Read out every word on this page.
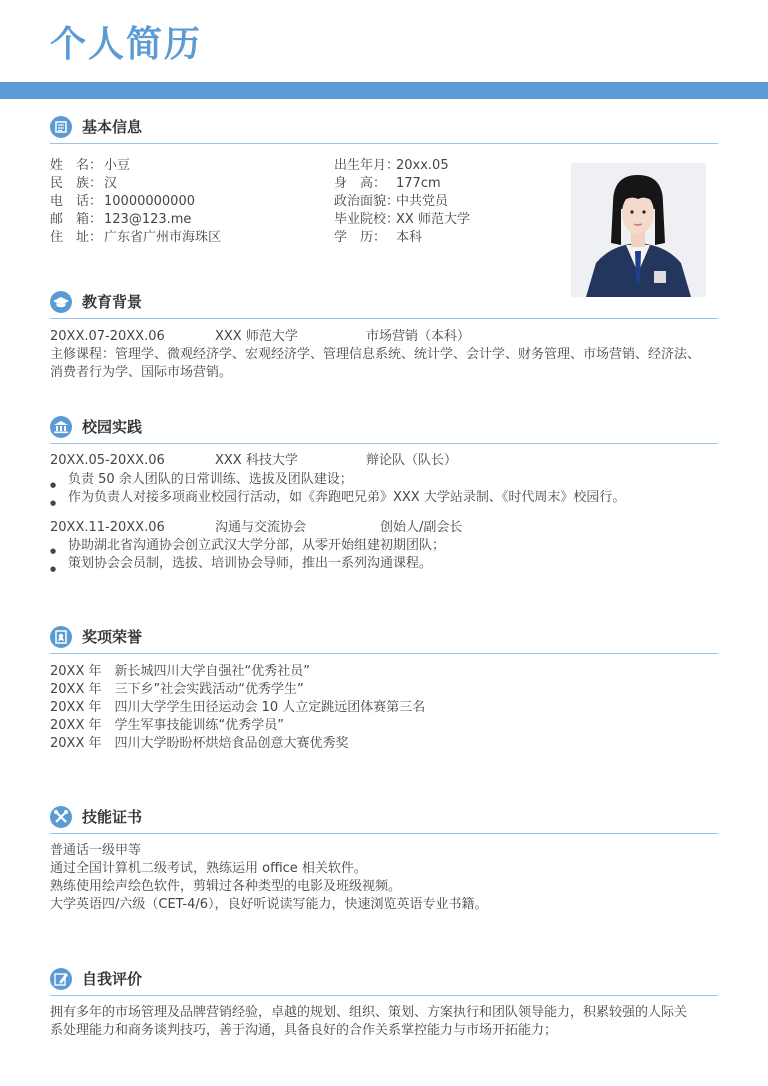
个人简历
基本信息
姓　名： 小豆
民　族： 汉
电　话： 10000000000
邮　箱： 123@123.me
住　址： 广东省广州市海珠区
出生年月：20xx.05
身　高： 177cm
政治面貌：中共党员
毕业院校：XX 师范大学
学　历： 本科
教育背景
20XX.07-20XX.06	XXX 师范大学	市场营销（本科）
主修课程：管理学、微观经济学、宏观经济学、管理信息系统、统计学、会计学、财务管理、市场营销、经济法、
消费者行为学、国际市场营销。
校园实践
20XX.05-20XX.06	XXX 科技大学	辩论队（队长）
● 负责 50 余人团队的日常训练、选拔及团队建设；
● 作为负责人对接多项商业校园行活动，如《奔跑吧兄弟》XXX 大学站录制、《时代周末》校园行。
20XX.11-20XX.06	沟通与交流协会	创始人/副会长
● 协助湖北省沟通协会创立武汉大学分部，从零开始组建初期团队；
● 策划协会会员制，选拔、培训协会导师，推出一系列沟通课程。
奖项荣誉
20XX 年　新长城四川大学自强社“优秀社员”
20XX 年　三下乡”社会实践活动“优秀学生”
20XX 年　四川大学学生田径运动会 10 人立定跳远团体赛第三名
20XX 年　学生军事技能训练“优秀学员”
20XX 年　四川大学盼盼杯烘焙食品创意大赛优秀奖
技能证书
普通话一级甲等
通过全国计算机二级考试，熟练运用 office 相关软件。
熟练使用绘声绘色软件，剪辑过各种类型的电影及班级视频。
大学英语四/六级（CET-4/6），良好听说读写能力，快速浏览英语专业书籍。
自我评价
拥有多年的市场管理及品牌营销经验，卓越的规划、组织、策划、方案执行和团队领导能力，积累较强的人际关
系处理能力和商务谈判技巧，善于沟通，具备良好的合作关系掌控能力与市场开拓能力；
